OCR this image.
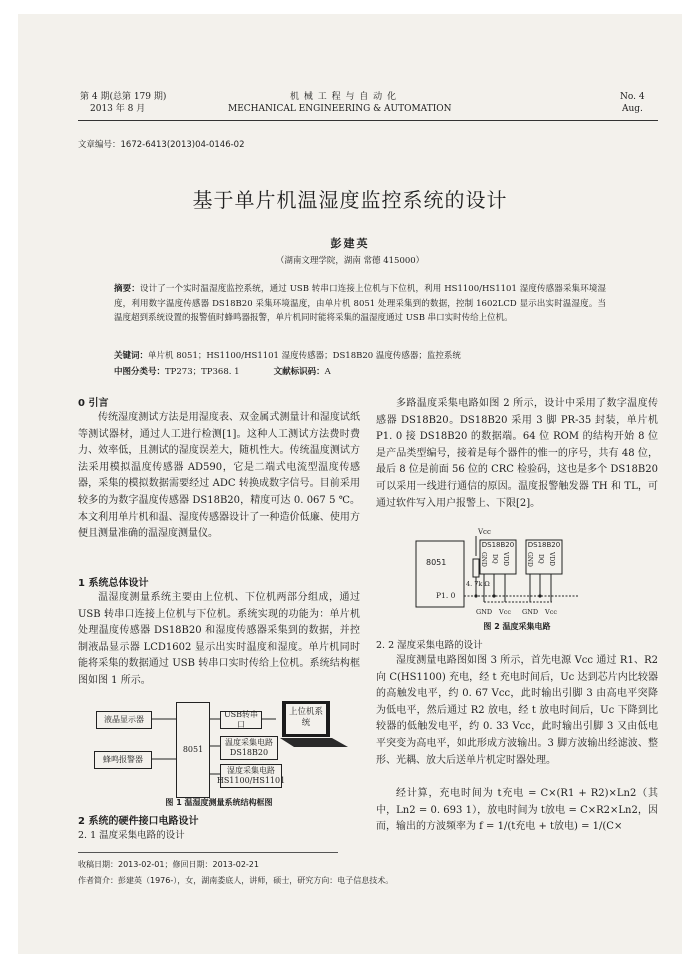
第 4 期(总第 179 期)
2013 年 8 月
机 械 工 程 与 自 动 化
MECHANICAL ENGINEERING & AUTOMATION
No. 4
Aug.
文章编号：1672-6413(2013)04-0146-02
基于单片机温湿度监控系统的设计
彭建英
（湖南文理学院，湖南 常德 415000）
摘要：设计了一个实时温湿度监控系统，通过 USB 转串口连接上位机与下位机，利用 HS1100/HS1101 湿度传感器采集环境湿度，利用数字温度传感器 DS18B20 采集环境温度，由单片机 8051 处理采集到的数据，控制 1602LCD 显示出实时温湿度。当温度超到系统设置的报警值时蜂鸣器报警，单片机同时能将采集的温湿度通过 USB 串口实时传给上位机。
关键词：单片机 8051；HS1100/HS1101 湿度传感器；DS18B20 温度传感器；监控系统
中图分类号：TP273；TP368. 1	文献标识码：A
0 引言
传统湿度测试方法是用湿度表、双金属式测量计和湿度试纸等测试器材，通过人工进行检测[1]。这种人工测试方法费时费力、效率低，且测试的湿度误差大，随机性大。传统温度测试方法采用模拟温度传感器 AD590，它是二端式电流型温度传感器，采集的模拟数据需要经过 ADC 转换成数字信号。目前采用较多的为数字温度传感器 DS18B20，精度可达 0. 067 5 ℃。本文利用单片机和温、湿度传感器设计了一种造价低廉、使用方便且测量准确的温湿度测量仪。
1 系统总体设计
温湿度测量系统主要由上位机、下位机两部分组成，通过 USB 转串口连接上位机与下位机。系统实现的功能为：单片机处理温度传感器 DS18B20 和湿度传感器采集到的数据，并控制液晶显示器 LCD1602 显示出实时温度和湿度。单片机同时能将采集的数据通过 USB 转串口实时传给上位机。系统结构框图如图 1 所示。
液晶显示器
蜂鸣报警器
8051
USB转串口
温度采集电路
DS18B20
湿度采集电路
HS1100/HS1101
上位机系统
图 1 温湿度测量系统结构框图
2 系统的硬件接口电路设计
2. 1 温度采集电路的设计
多路温度采集电路如图 2 所示，设计中采用了数字温度传感器 DS18B20。DS18B20 采用 3 脚 PR-35 封装，单片机 P1. 0 接 DS18B20 的数据端。64 位 ROM 的结构开始 8 位是产品类型编号，接着是每个器件的惟一的序号，共有 48 位，最后 8 位是前面 56 位的 CRC 检验码，这也是多个 DS18B20 可以采用一线进行通信的原因。温度报警触发器 TH 和 TL，可通过软件写入用户报警上、下限[2]。
Vcc
DS18B20 DS18B20
GND DQ VDD	GND DQ VDD
8051
P1. 0
4. 7k Ω
GND Vcc GND Vcc
图 2 温度采集电路
2. 2 湿度采集电路的设计
湿度测量电路图如图 3 所示，首先电源 Vcc 通过 R1、R2 向 C(HS1100) 充电，经 t 充电时间后，Uc 达到芯片内比较器的高触发电平，约 0. 67 Vcc，此时输出引脚 3 由高电平突降为低电平，然后通过 R2 放电，经 t 放电时间后，Uc 下降到比较器的低触发电平，约 0. 33 Vcc，此时输出引脚 3 又由低电平突变为高电平，如此形成方波输出。3 脚方波输出经滤波、整形、光耦、放大后送单片机定时器处理。
经计算，充电时间为 t充电 = C×(R1 + R2)×Ln2（其中，Ln2 = 0. 693 1），放电时间为 t放电 = C×R2×Ln2，因而，输出的方波频率为 f = 1/(t充电 + t放电) = 1/(C×
收稿日期：2013-02-01；修回日期：2013-02-21
作者简介：彭建英（1976-），女，湖南娄底人，讲师，硕士，研究方向：电子信息技术。
